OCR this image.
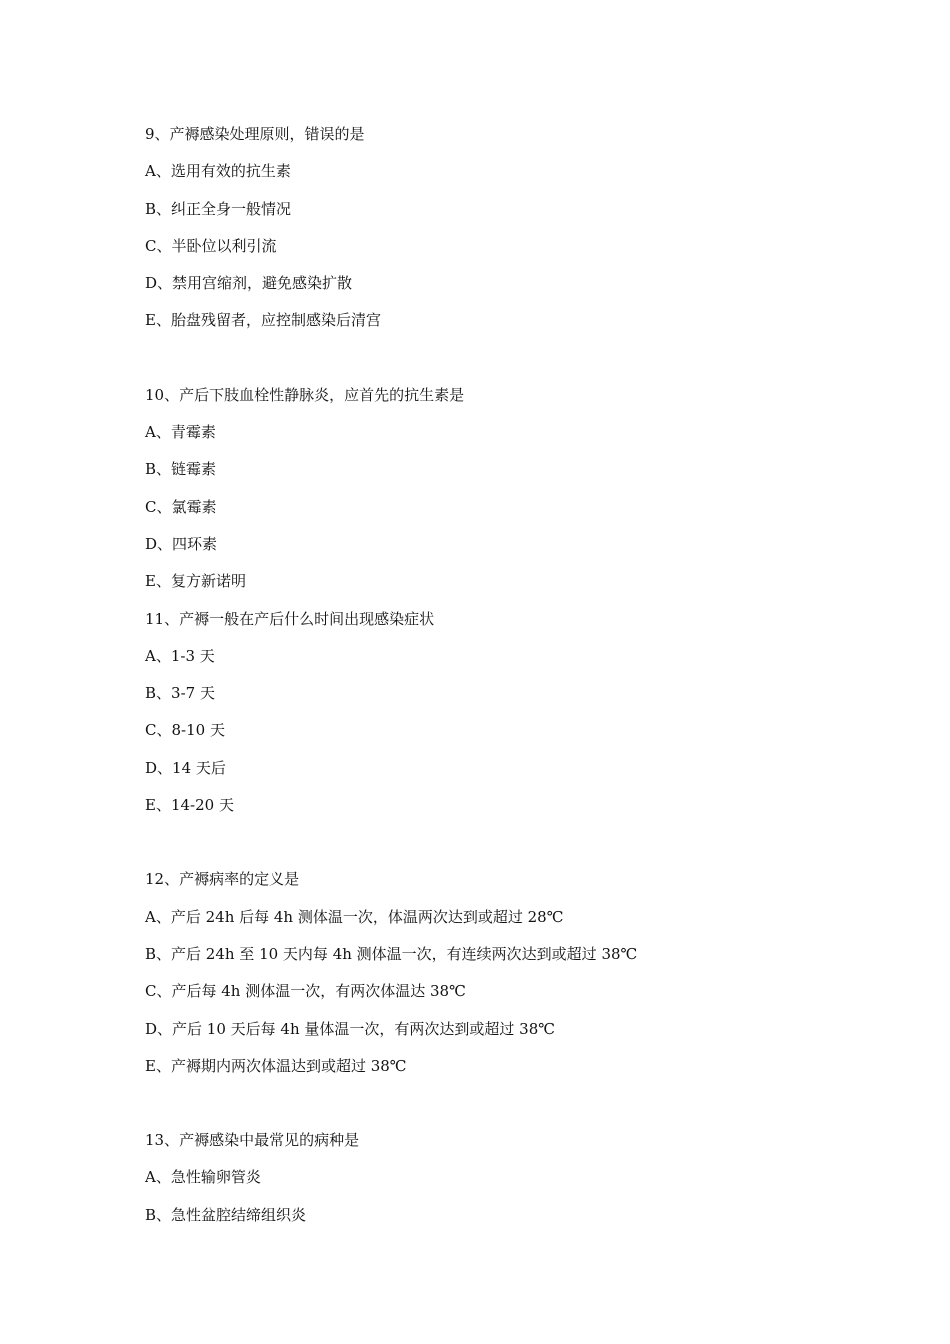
9、产褥感染处理原则，错误的是
A、选用有效的抗生素
B、纠正全身一般情况
C、半卧位以利引流
D、禁用宫缩剂，避免感染扩散
E、胎盘残留者，应控制感染后清宫
10、产后下肢血栓性静脉炎，应首先的抗生素是
A、青霉素
B、链霉素
C、氯霉素
D、四环素
E、复方新诺明
11、产褥一般在产后什么时间出现感染症状
A、1-3 天
B、3-7 天
C、8-10 天
D、14 天后
E、14-20 天
12、产褥病率的定义是
A、产后 24h 后每 4h 测体温一次，体温两次达到或超过 28℃
B、产后 24h 至 10 天内每 4h 测体温一次，有连续两次达到或超过 38℃
C、产后每 4h 测体温一次，有两次体温达 38℃
D、产后 10 天后每 4h 量体温一次，有两次达到或超过 38℃
E、产褥期内两次体温达到或超过 38℃
13、产褥感染中最常见的病种是
A、急性输卵管炎
B、急性盆腔结缔组织炎
